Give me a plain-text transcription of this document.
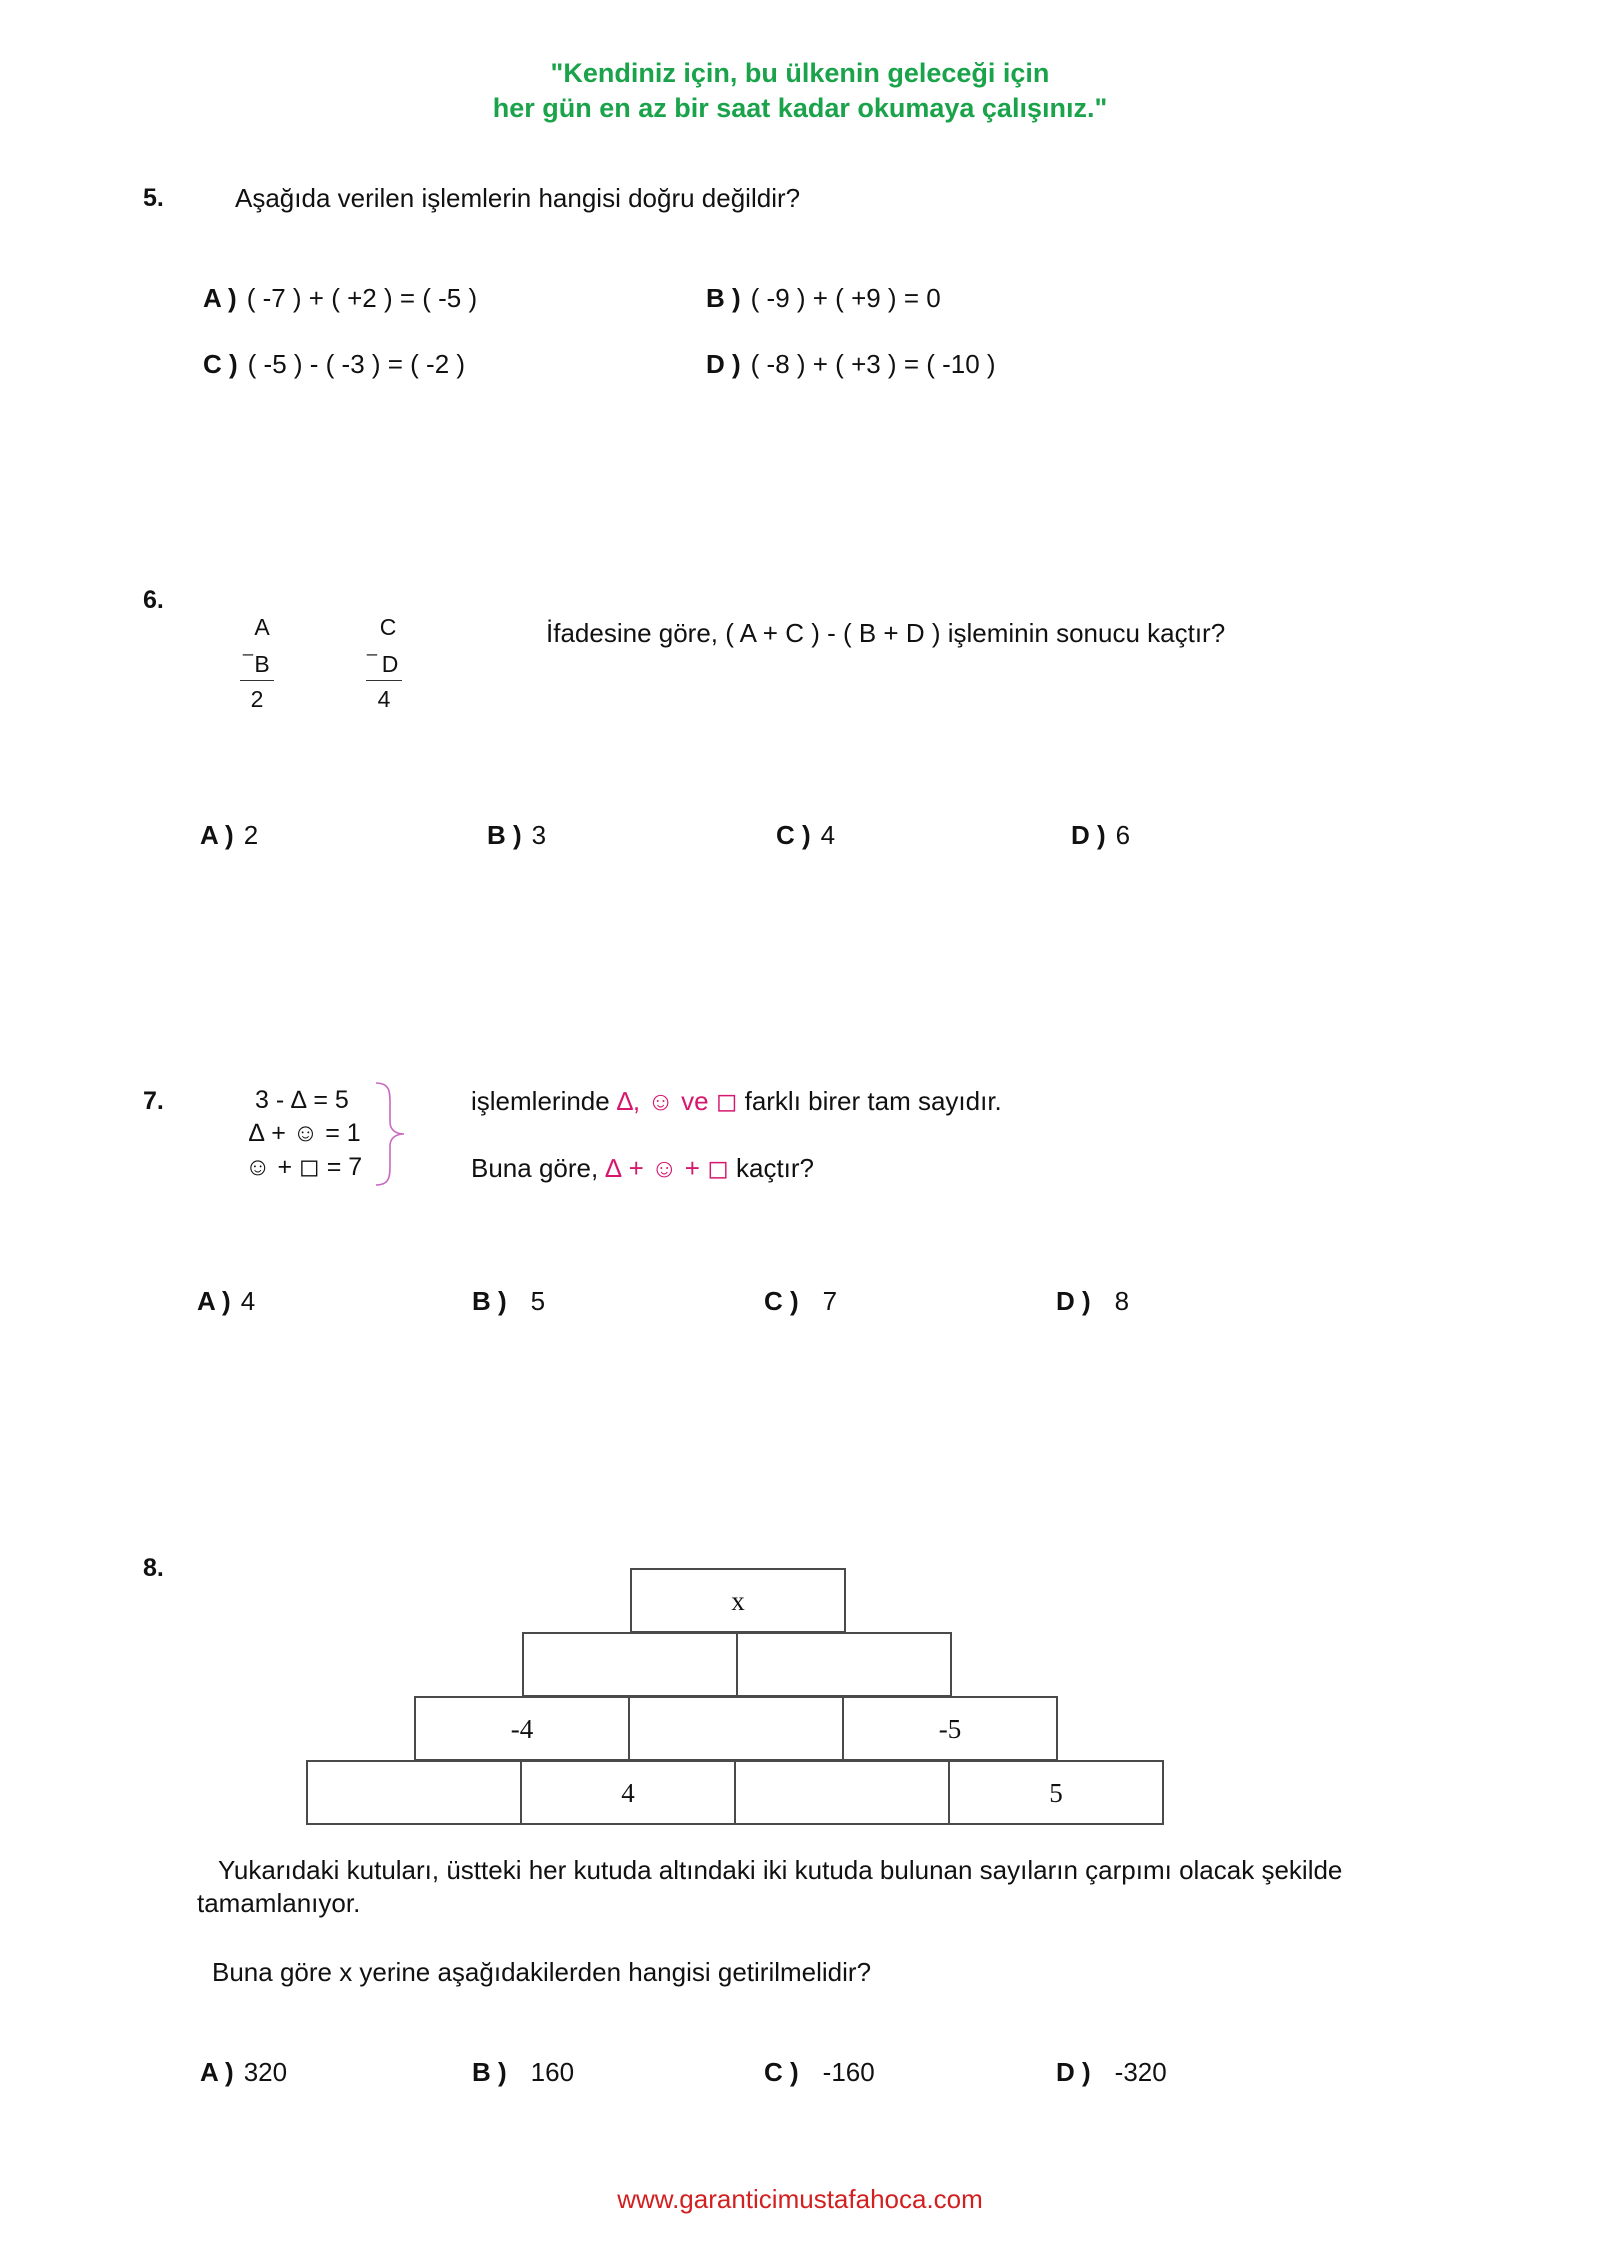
"Kendiniz için, bu ülkenin geleceği için
her gün en az bir saat kadar okumaya çalışınız."
5.	Aşağıda verilen işlemlerin hangisi doğru değildir?
A ) ( -7 ) + ( +2 ) = ( -5 )	B ) ( -9 ) + ( +9 ) = 0
C ) ( -5 ) - ( -3 ) = ( -2 )	D ) ( -8 ) + ( +3 ) = ( -10 )
6.
A
_
B
2
C
_
D
4
İfadesine göre, ( A + C ) - ( B + D ) işleminin sonucu kaçtır?
A ) 2	B ) 3	C ) 4	D ) 6
7.	3 - ∆ = 5
∆ + ☺ = 1
☺ + ◻ = 7
işlemlerinde ∆, ☺ ve ◻ farklı birer tam sayıdır.
Buna göre, ∆ + ☺ + ◻ kaçtır?
A ) 4	B ) 5	C ) 7	D ) 8
8.
x
-4	-5
4	5
Yukarıdaki kutuları, üstteki her kutuda altındaki iki kutuda bulunan sayıların çarpımı olacak şekilde
tamamlanıyor.
Buna göre x yerine aşağıdakilerden hangisi getirilmelidir?
A ) 320	B ) 160	C ) -160	D ) -320
www.garanticimustafahoca.com
